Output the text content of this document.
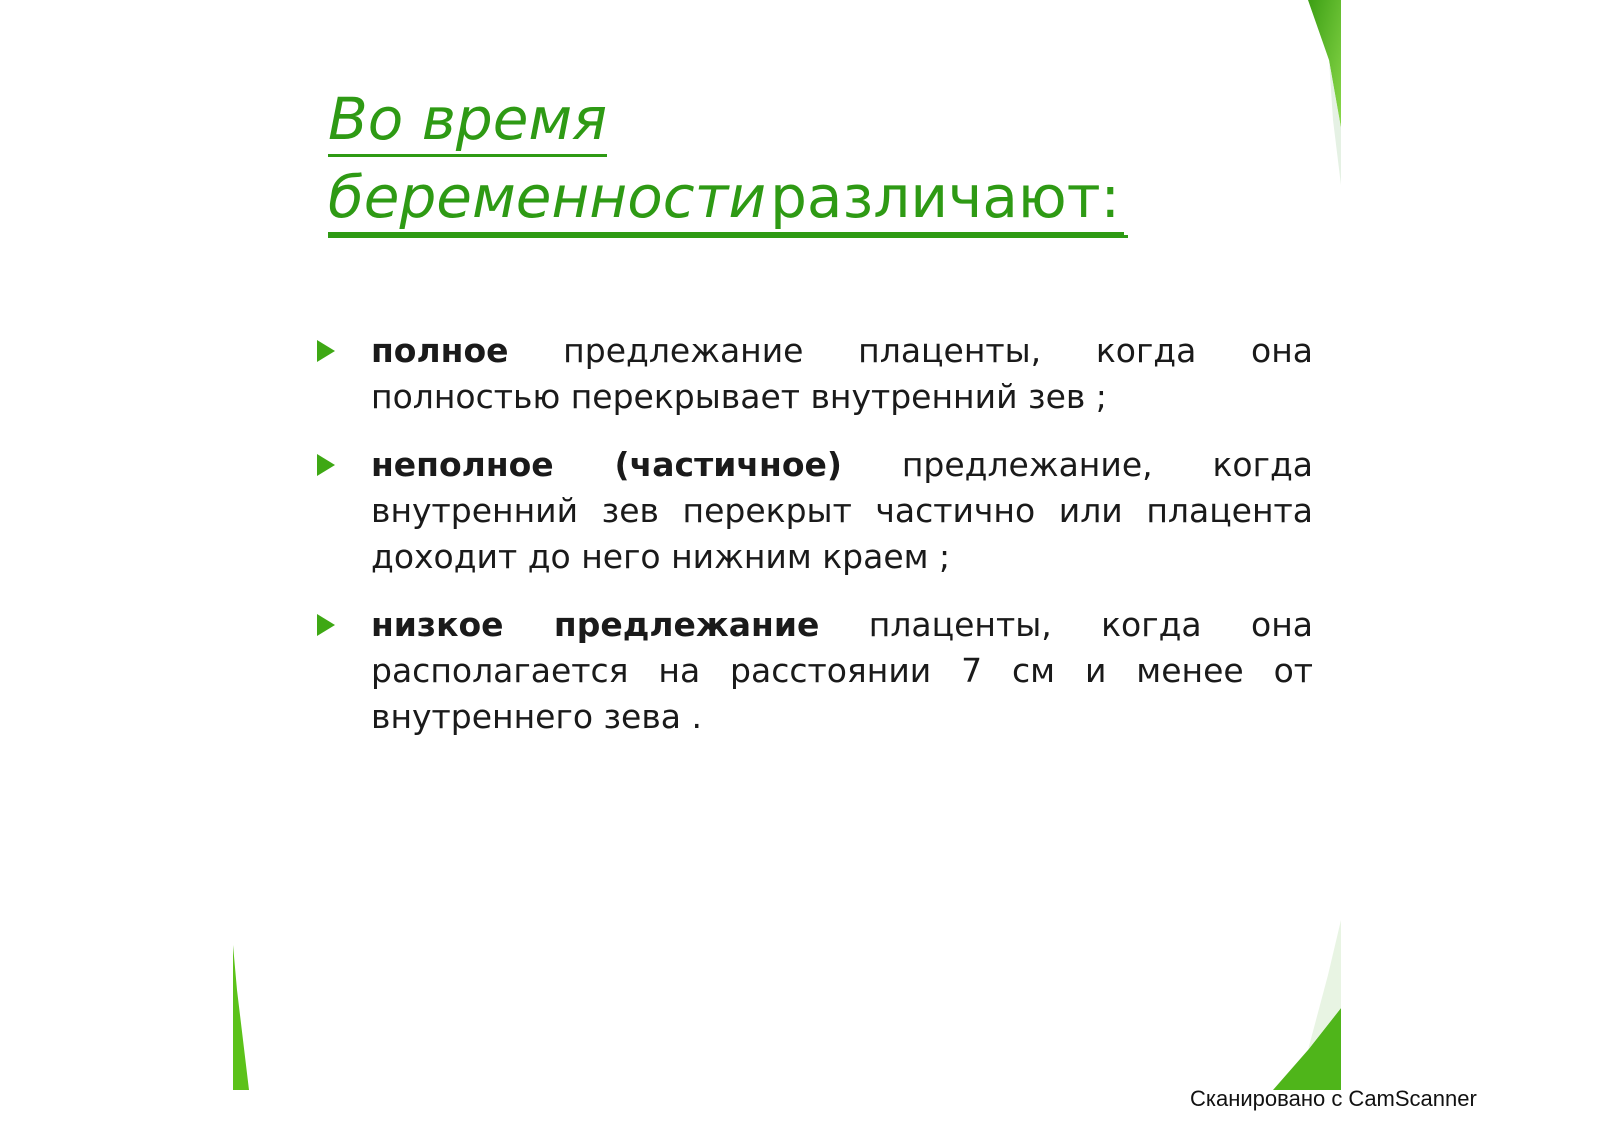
Во время
беременностиразличают:
полное предлежание плаценты, когда она полностью перекрывает внутренний зев ;
неполное (частичное) предлежание, когда внутренний зев перекрыт частично или плацента доходит до него нижним краем ;
низкое предлежание плаценты, когда она располагается на расстоянии 7 см и менее от внутреннего зева .
Сканировано с CamScanner
